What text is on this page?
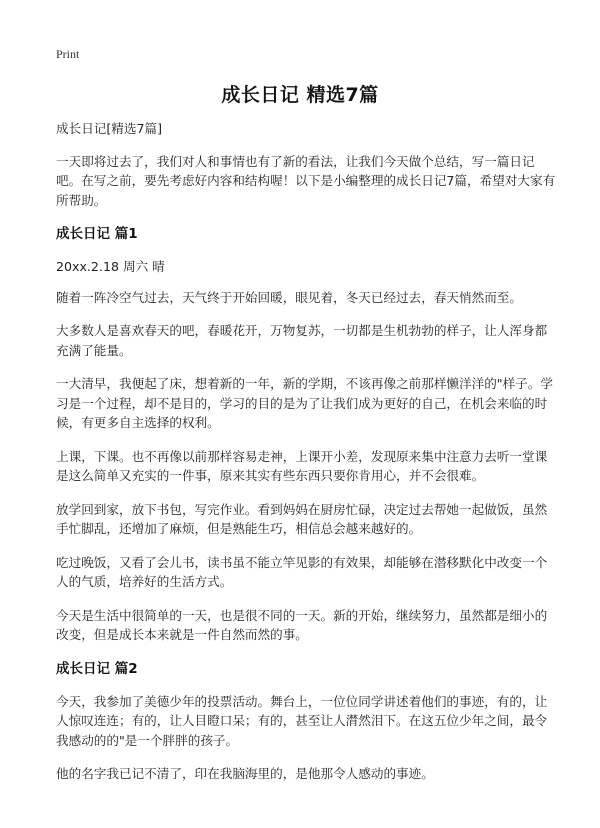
Print
成长日记 精选7篇
成长日记[精选7篇]
一天即将过去了，我们对人和事情也有了新的看法，让我们今天做个总结，写一篇日记吧。在写之前，要先考虑好内容和结构喔！以下是小编整理的成长日记7篇，希望对大家有所帮助。
成长日记 篇1
20xx.2.18 周六 晴
随着一阵冷空气过去，天气终于开始回暖，眼见着，冬天已经过去，春天悄然而至。
大多数人是喜欢春天的吧，春暖花开，万物复苏，一切都是生机勃勃的样子，让人浑身都充满了能量。
一大清早，我便起了床，想着新的一年，新的学期，不该再像之前那样懒洋洋的"样子。学习是一个过程，却不是目的，学习的目的是为了让我们成为更好的自己，在机会来临的时候，有更多自主选择的权利。
上课，下课。也不再像以前那样容易走神，上课开小差，发现原来集中注意力去听一堂课是这么简单又充实的一件事，原来其实有些东西只要你肯用心，并不会很难。
放学回到家，放下书包，写完作业。看到妈妈在厨房忙碌，决定过去帮她一起做饭，虽然手忙脚乱，还增加了麻烦，但是熟能生巧，相信总会越来越好的。
吃过晚饭，又看了会儿书，读书虽不能立竿见影的有效果，却能够在潜移默化中改变一个人的气质，培养好的生活方式。
今天是生活中很简单的一天，也是很不同的一天。新的开始，继续努力，虽然都是细小的改变，但是成长本来就是一件自然而然的事。
成长日记 篇2
今天，我参加了美德少年的投票活动。舞台上，一位位同学讲述着他们的事迹，有的，让人惊叹连连；有的，让人目瞪口呆；有的，甚至让人潸然泪下。在这五位少年之间，最令我感动的的"是一个胖胖的孩子。
他的名字我已记不清了，印在我脑海里的，是他那令人感动的事迹。
